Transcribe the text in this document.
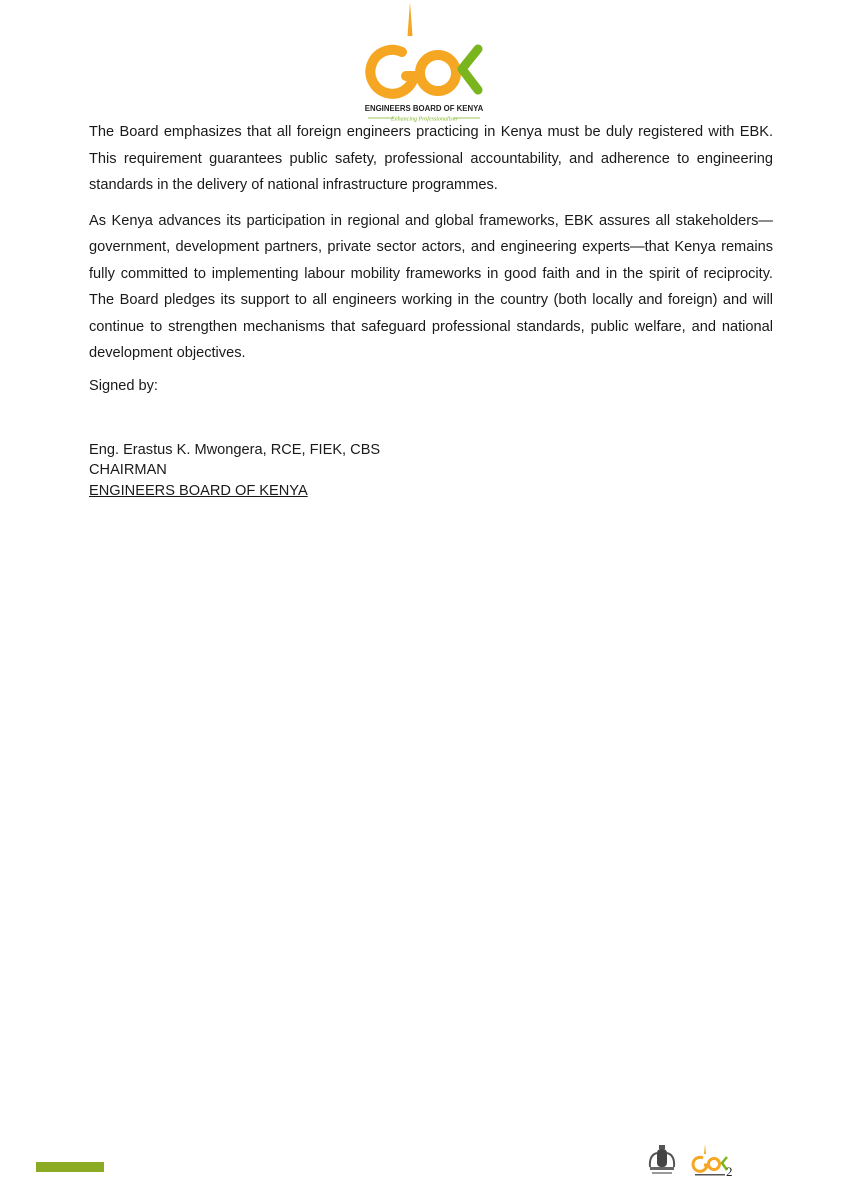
ENGINEERS BOARD OF KENYA
Enhancing Professionalism

The Board emphasizes that all foreign engineers practicing in Kenya must be duly registered with EBK. This requirement guarantees public safety, professional accountability, and adherence to engineering standards in the delivery of national infrastructure programmes.

As Kenya advances its participation in regional and global frameworks, EBK assures all stakeholders—government, development partners, private sector actors, and engineering experts—that Kenya remains fully committed to implementing labour mobility frameworks in good faith and in the spirit of reciprocity. The Board pledges its support to all engineers working in the country (both locally and foreign) and will continue to strengthen mechanisms that safeguard professional standards, public welfare, and national development objectives.

Signed by:

Eng. Erastus K. Mwongera, RCE, FIEK, CBS
CHAIRMAN
ENGINEERS BOARD OF KENYA
2
